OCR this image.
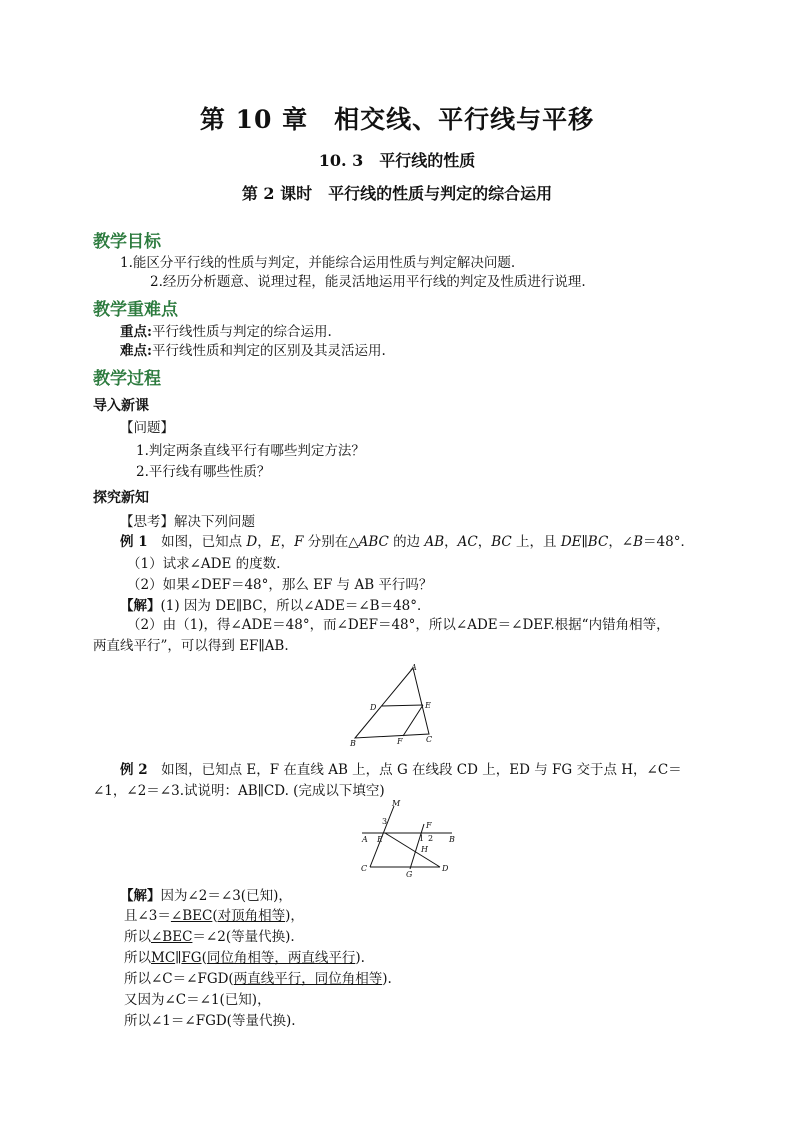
第 10 章　相交线、平行线与平移
10. 3　平行线的性质
第 2 课时　平行线的性质与判定的综合运用
教学目标
1.能区分平行线的性质与判定，并能综合运用性质与判定解决问题.
2.经历分析题意、说理过程，能灵活地运用平行线的判定及性质进行说理.
教学重难点
重点:平行线性质与判定的综合运用.
难点:平行线性质和判定的区别及其灵活运用.
教学过程
导入新课
【问题】
1.判定两条直线平行有哪些判定方法？
2.平行线有哪些性质？
探究新知
【思考】解决下列问题
例 1　如图，已知点 D，E，F 分别在△ABC 的边 AB，AC，BC 上，且 DE∥BC，∠B＝48°．
（1）试求∠ADE 的度数.
（2）如果∠DEF＝48°，那么 EF 与 AB 平行吗？
【解】(1) 因为 DE∥BC，所以∠ADE＝∠B＝48°．
（2）由（1)，得∠ADE＝48°，而∠DEF＝48°，所以∠ADE＝∠DEF.根据“内错角相等，
两直线平行”，可以得到 EF∥AB.
A
D	E
B	F	C
例 2　如图，已知点 E，F 在直线 AB 上，点 G 在线段 CD 上，ED 与 FG 交于点 H，∠C＝
∠1，∠2＝∠3.试说明：AB∥CD. (完成以下填空)
M
3
A E
F
1 2 B
H
C
G
D
【解】因为∠2＝∠3(已知)，
且∠3＝∠BEC(对顶角相等)，
所以∠BEC＝∠2(等量代换).
所以MC∥FG(同位角相等，两直线平行).
所以∠C＝∠FGD(两直线平行，同位角相等).
又因为∠C＝∠1(已知)，
所以∠1＝∠FGD(等量代换).
